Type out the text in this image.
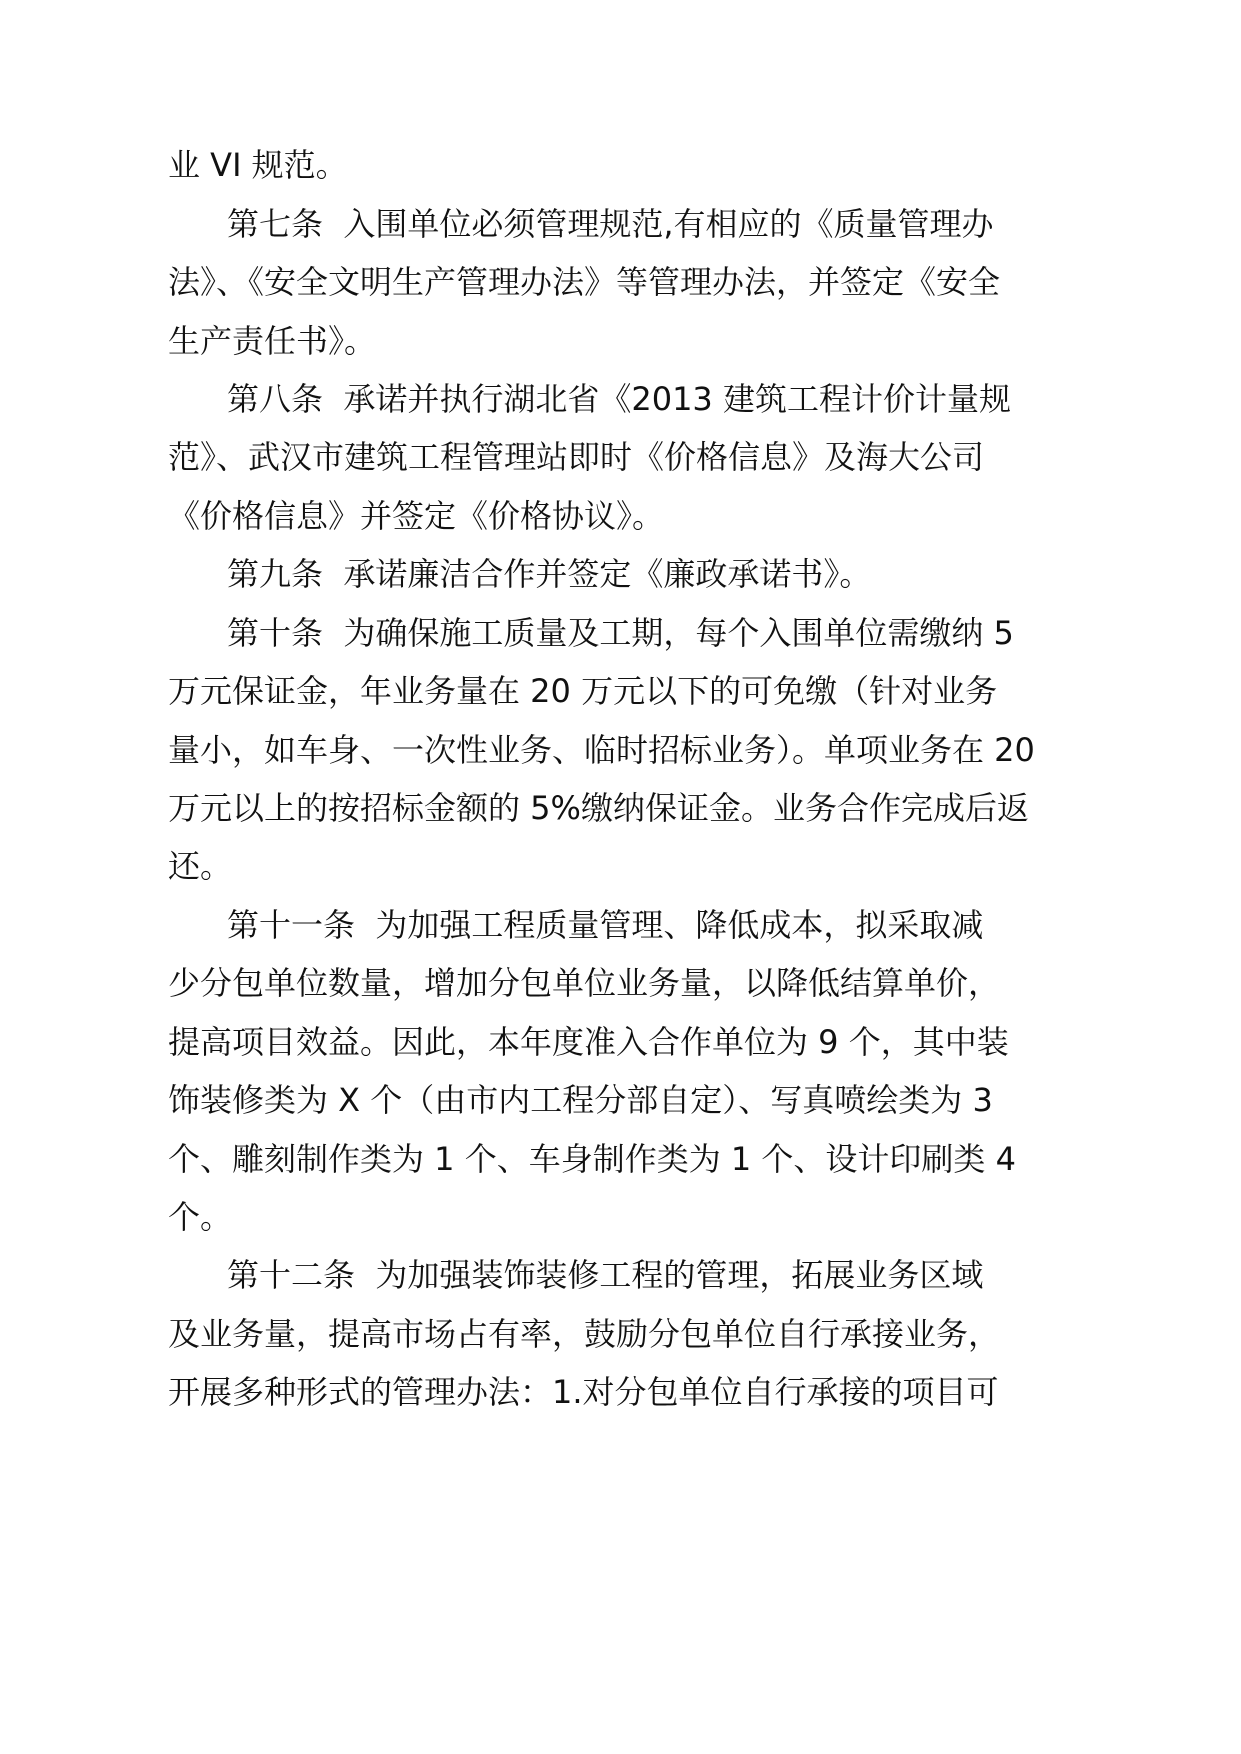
业 VI 规范。

第七条  入围单位必须管理规范,有相应的《质量管理办

法》、《安全文明生产管理办法》等管理办法，并签定《安全

生产责任书》。

第八条  承诺并执行湖北省《2013 建筑工程计价计量规

范》、武汉市建筑工程管理站即时《价格信息》及海大公司

《价格信息》并签定《价格协议》。

第九条  承诺廉洁合作并签定《廉政承诺书》。

第十条  为确保施工质量及工期，每个入围单位需缴纳 5

万元保证金，年业务量在 20 万元以下的可免缴（针对业务

量小，如车身、一次性业务、临时招标业务）。单项业务在 20

万元以上的按招标金额的 5%缴纳保证金。业务合作完成后返

还。

第十一条  为加强工程质量管理、降低成本，拟采取减

少分包单位数量，增加分包单位业务量，以降低结算单价，

提高项目效益。因此，本年度准入合作单位为 9 个，其中装

饰装修类为 X 个（由市内工程分部自定）、写真喷绘类为 3

个、雕刻制作类为 1 个、车身制作类为 1 个、设计印刷类 4

个。

第十二条  为加强装饰装修工程的管理，拓展业务区域

及业务量，提高市场占有率，鼓励分包单位自行承接业务，

开展多种形式的管理办法：1.对分包单位自行承接的项目可
